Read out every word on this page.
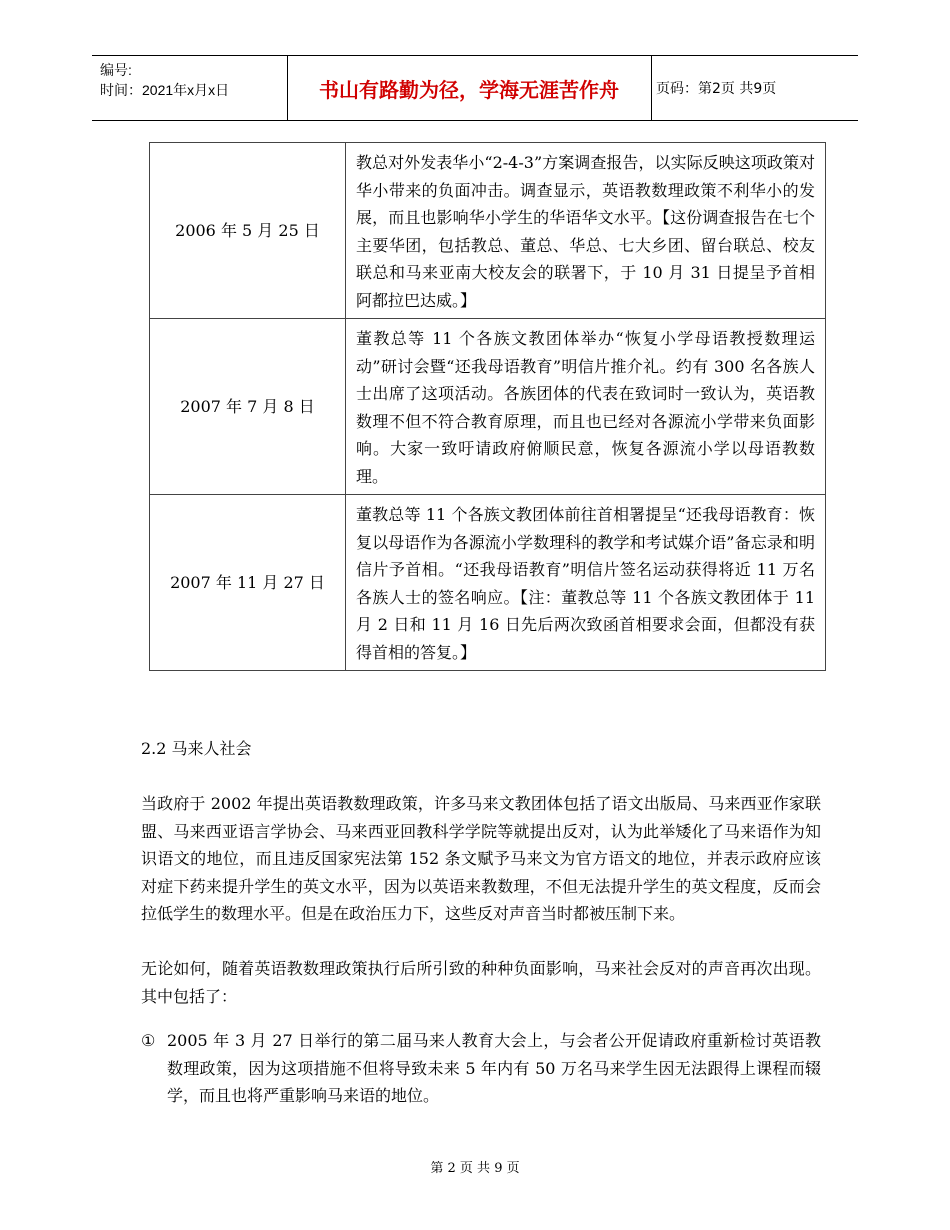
编号:
时间：2021年x月x日	书山有路勤为径，学海无涯苦作舟	页码：第2页 共9页
2006 年 5 月 25 日	教总对外发表华小“2-4-3”方案调查报告，以实际反映这项政策对华小带来的负面冲击。调查显示，英语教数理政策不利华小的发展，而且也影响华小学生的华语华文水平。【这份调查报告在七个主要华团，包括教总、董总、华总、七大乡团、留台联总、校友联总和马来亚南大校友会的联署下，于 10 月 31 日提呈予首相阿都拉巴达威。】
2007 年 7 月 8 日	董教总等 11 个各族文教团体举办“恢复小学母语教授数理运动”研讨会暨“还我母语教育”明信片推介礼。约有 300 名各族人士出席了这项活动。各族团体的代表在致词时一致认为，英语教数理不但不符合教育原理，而且也已经对各源流小学带来负面影响。大家一致吁请政府俯顺民意，恢复各源流小学以母语教数理。
2007 年 11 月 27 日	董教总等 11 个各族文教团体前往首相署提呈“还我母语教育：恢复以母语作为各源流小学数理科的教学和考试媒介语”备忘录和明信片予首相。“还我母语教育”明信片签名运动获得将近 11 万名各族人士的签名响应。【注：董教总等 11 个各族文教团体于 11 月 2 日和 11 月 16 日先后两次致函首相要求会面，但都没有获得首相的答复。】
2.2 马来人社会
当政府于 2002 年提出英语教数理政策，许多马来文教团体包括了语文出版局、马来西亚作家联盟、马来西亚语言学协会、马来西亚回教科学学院等就提出反对，认为此举矮化了马来语作为知识语文的地位，而且违反国家宪法第 152 条文赋予马来文为官方语文的地位，并表示政府应该对症下药来提升学生的英文水平，因为以英语来教数理，不但无法提升学生的英文程度，反而会拉低学生的数理水平。但是在政治压力下，这些反对声音当时都被压制下来。
无论如何，随着英语教数理政策执行后所引致的种种负面影响，马来社会反对的声音再次出现。其中包括了：
① 2005 年 3 月 27 日举行的第二届马来人教育大会上，与会者公开促请政府重新检讨英语教数理政策，因为这项措施不但将导致未来 5 年内有 50 万名马来学生因无法跟得上课程而辍学，而且也将严重影响马来语的地位。
第 2 页 共 9 页
